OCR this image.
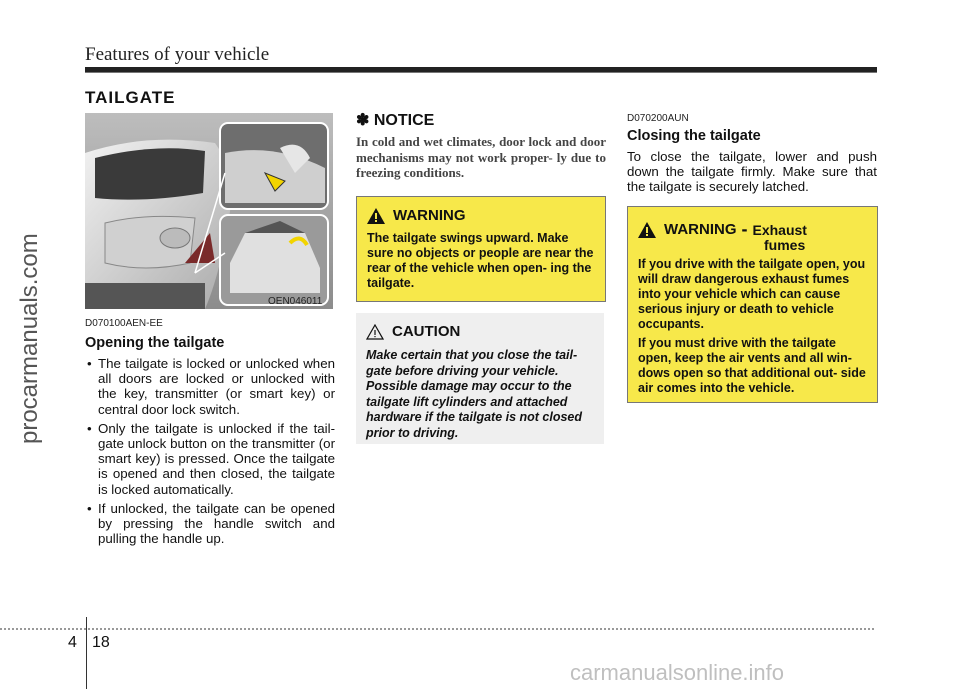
Features of your vehicle
procarmanuals.com
TAILGATE
OEN046011
D070100AEN-EE
Opening the tailgate
• The tailgate is locked or unlocked when all doors are locked or unlocked with the key, transmitter (or smart key) or central door lock switch.
• Only the tailgate is unlocked if the tail- gate unlock button on the transmitter (or smart key) is pressed. Once the tailgate is opened and then closed, the tailgate is locked automatically.
• If unlocked, the tailgate can be opened by pressing the handle switch and pulling the handle up.
✽ NOTICE
In cold and wet climates, door lock and door mechanisms may not work proper- ly due to freezing conditions.
WARNING
The tailgate swings upward. Make sure no objects or people are near the rear of the vehicle when open- ing the tailgate.
CAUTION
Make certain that you close the tail- gate before driving your vehicle. Possible damage may occur to the tailgate lift cylinders and attached hardware if the tailgate is not closed prior to driving.
D070200AUN
Closing the tailgate
To close the tailgate, lower and push down the tailgate firmly. Make sure that the tailgate is securely latched.
WARNING - Exhaust
fumes
If you drive with the tailgate open, you will draw dangerous exhaust fumes into your vehicle which can cause serious injury or death to vehicle occupants.
If you must drive with the tailgate open, keep the air vents and all win- dows open so that additional out- side air comes into the vehicle.
4 18
carmanualsonline.info
